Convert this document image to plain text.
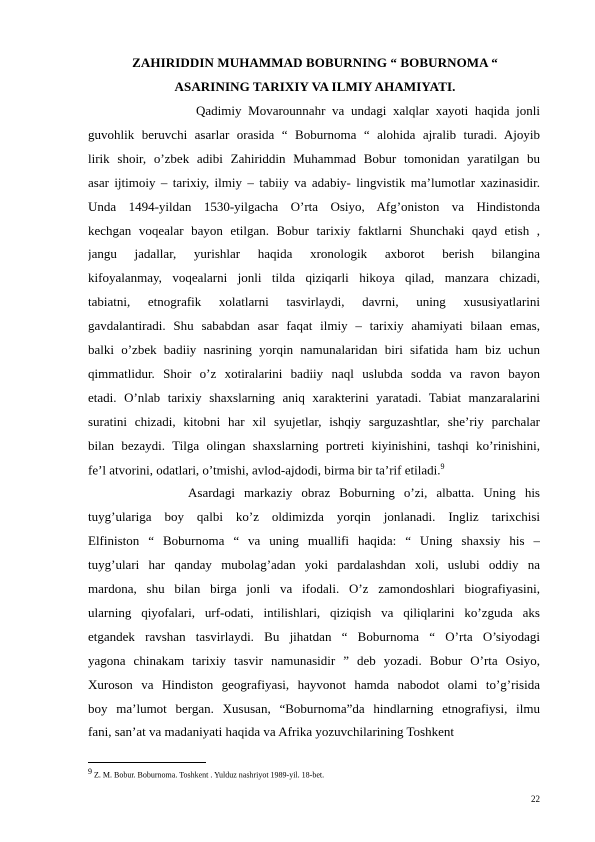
ZAHIRIDDIN MUHAMMAD BOBURNING “ BOBURNOMA “
ASARINING TARIXIY VA ILMIY AHAMIYATI.
Qadimiy Movarounnahr va undagi xalqlar xayoti haqida jonli
guvohlik beruvchi asarlar orasida “ Boburnoma “ alohida ajralib turadi. Ajoyib
lirik shoir, o’zbek adibi Zahiriddin Muhammad Bobur tomonidan yaratilgan bu
asar ijtimoiy – tarixiy, ilmiy – tabiiy va adabiy- lingvistik ma’lumotlar xazinasidir.
Unda 1494-yildan 1530-yilgacha O’rta Osiyo, Afg’oniston va Hindistonda
kechgan voqealar bayon etilgan. Bobur tarixiy faktlarni Shunchaki qayd etish ,
jangu jadallar, yurishlar haqida xronologik axborot berish bilangina
kifoyalanmay, voqealarni jonli tilda qiziqarli hikoya qilad, manzara chizadi,
tabiatni, etnografik xolatlarni tasvirlaydi, davrni, uning xususiyatlarini
gavdalantiradi. Shu sababdan asar faqat ilmiy – tarixiy ahamiyati bilaan emas,
balki o’zbek badiiy nasrining yorqin namunalaridan biri sifatida ham biz uchun
qimmatlidur. Shoir o’z xotiralarini badiiy naql uslubda sodda va ravon bayon
etadi. O’nlab tarixiy shaxslarning aniq xarakterini yaratadi. Tabiat manzaralarini
suratini chizadi, kitobni har xil syujetlar, ishqiy sarguzashtlar, she’riy parchalar
bilan bezaydi. Tilga olingan shaxslarning portreti kiyinishini, tashqi ko’rinishini,
fe’l atvorini, odatlari, o’tmishi, avlod-ajdodi, birma bir ta’rif etiladi.$^9$
Asardagi markaziy obraz Boburning o’zi, albatta. Uning his
tuyg’ulariga boy qalbi ko’z oldimizda yorqin jonlanadi. Ingliz tarixchisi
Elfiniston “ Boburnoma “ va uning muallifi haqida: “ Uning shaxsiy his –
tuyg’ulari har qanday mubolag’adan yoki pardalashdan xoli, uslubi oddiy na
mardona, shu bilan birga jonli va ifodali. O’z zamondoshlari biografiyasini,
ularning qiyofalari, urf-odati, intilishlari, qiziqish va qiliqlarini ko’zguda aks
etgandek ravshan tasvirlaydi. Bu jihatdan “ Boburnoma “ O’rta O’siyodagi
yagona chinakam tarixiy tasvir namunasidir ” deb yozadi. Bobur O’rta Osiyo,
Xuroson va Hindiston geografiyasi, hayvonot hamda nabodot olami to’g’risida
boy ma’lumot bergan. Xususan, “Boburnoma”da hindlarning etnografiysi, ilmu
fani, san’at va madaniyati haqida va Afrika yozuvchilarining Toshkent
$^9$ Z. M. Bobur. Boburnoma. Toshkent . Yulduz nashriyot 1989-yil. 18-bet.
22
